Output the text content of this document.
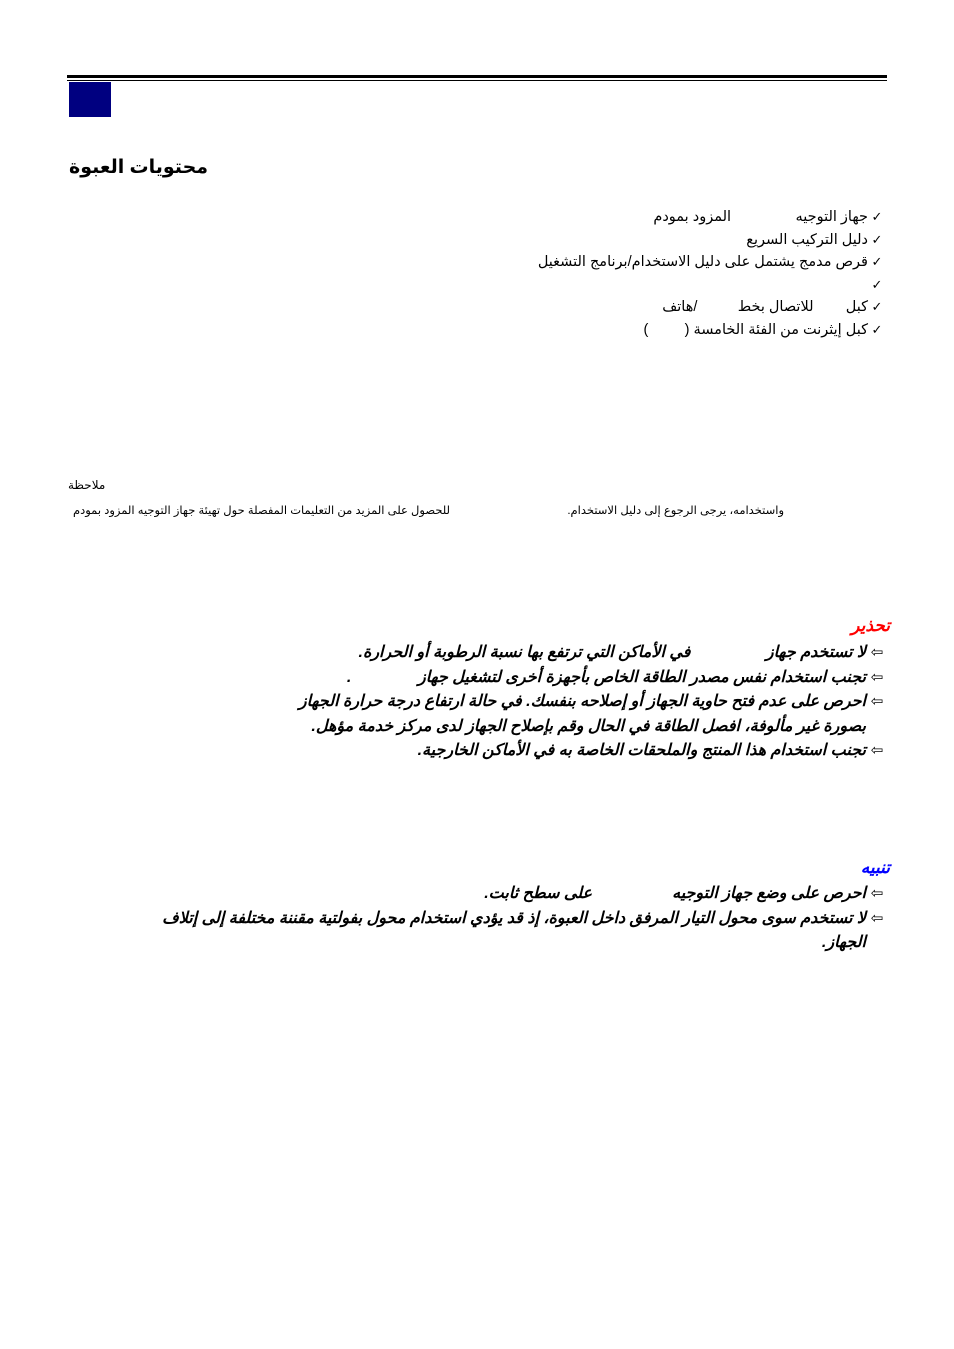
محتويات العبوة
✓جهاز التوجيه                المزود بمودم
✓دليل التركيب السريع
✓قرص مدمج يشتمل على دليل الاستخدام/برنامج التشغيل
✓
✓كبل        للاتصال بخط          /هاتف
✓كبل إيثرنت من الفئة الخامسة (         )
ملاحظة
واستخدامه، يرجى الرجوع إلى دليل الاستخدام.
للحصول على المزيد من التعليمات المفصلة حول تهيئة جهاز التوجيه المزود بمودم
تحذير
⇦لا تستخدم جهاز                 في الأماكن التي ترتفع بها نسبة الرطوبة أو الحرارة.
⇦تجنب استخدام نفس مصدر الطاقة الخاص بأجهزة أخرى لتشغيل جهاز               .
⇦احرص على عدم فتح حاوية الجهاز أو إصلاحه بنفسك. في حالة ارتفاع درجة حرارة الجهاز
بصورة غير مألوفة، افصل الطاقة في الحال وقم بإصلاح الجهاز لدى مركز خدمة مؤهل.
⇦تجنب استخدام هذا المنتج والملحقات الخاصة به في الأماكن الخارجية.
تنبيه
⇦احرص على وضع جهاز التوجيه                  على سطح ثابت.
⇦لا تستخدم سوى محول التيار المرفق داخل العبوة، إذ قد يؤدي استخدام محول بفولتية مقننة مختلفة إلى إتلاف
الجهاز.
